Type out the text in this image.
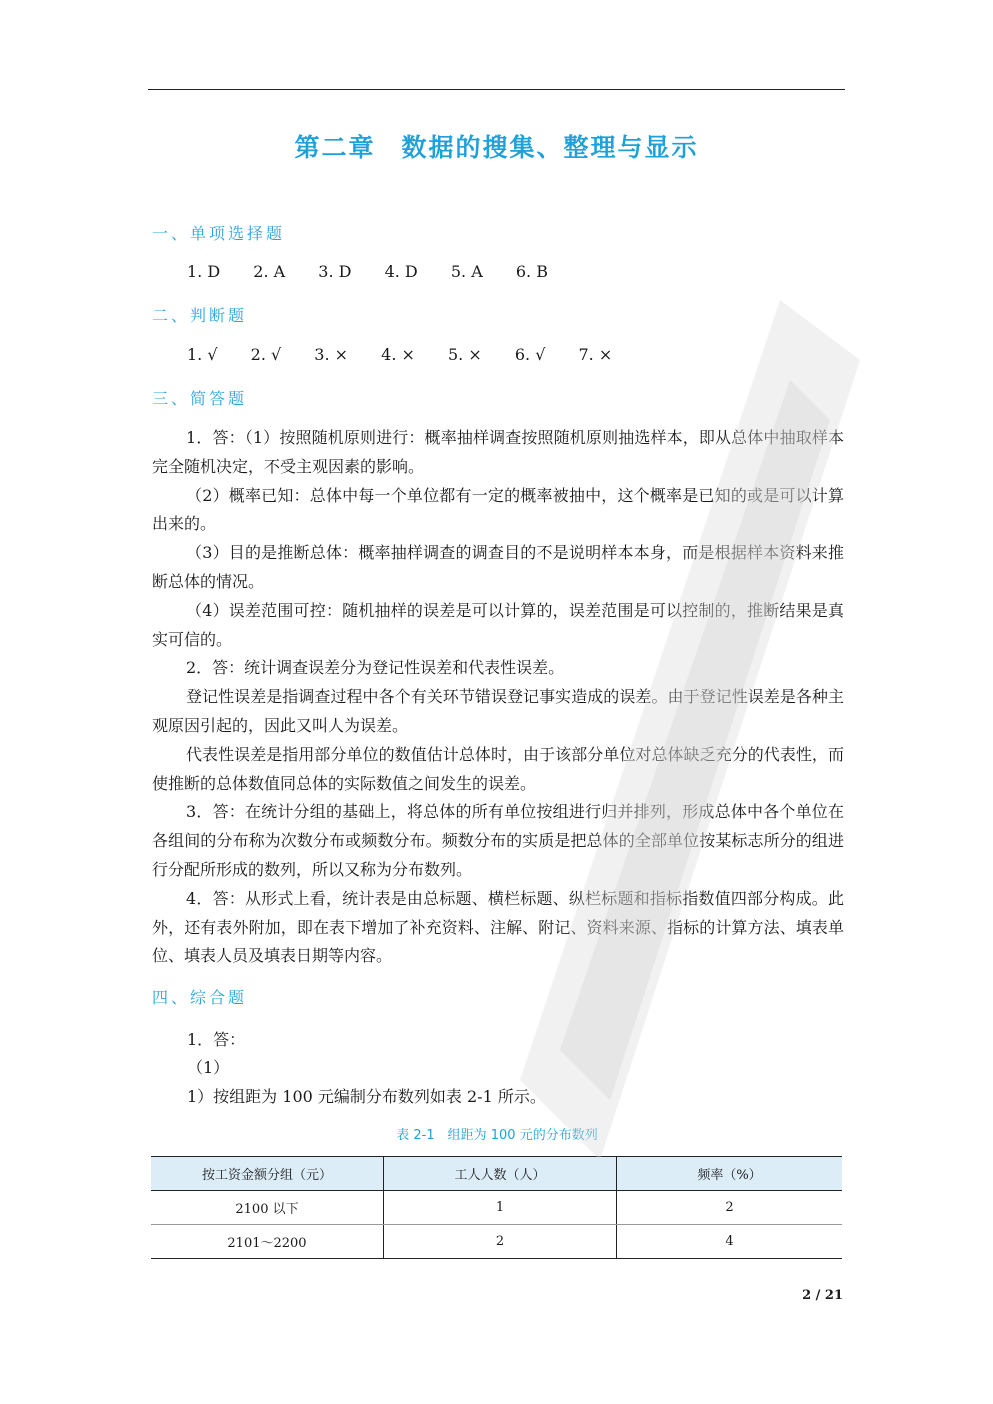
第二章 数据的搜集、整理与显示
一、单项选择题
1. D 2. A 3. D 4. D 5. A 6. B
二、判断题
1. √ 2. √ 3. × 4. × 5. × 6. √ 7. ×
三、简答题

1．答：（1）按照随机原则进行：概率抽样调查按照随机原则抽选样本，即从总体中抽取样本完全随机决定，不受主观因素的影响。

（2）概率已知：总体中每一个单位都有一定的概率被抽中，这个概率是已知的或是可以计算出来的。

（3）目的是推断总体：概率抽样调查的调查目的不是说明样本本身，而是根据样本资料来推断总体的情况。

（4）误差范围可控：随机抽样的误差是可以计算的，误差范围是可以控制的，推断结果是真实可信的。

2．答：统计调查误差分为登记性误差和代表性误差。

登记性误差是指调查过程中各个有关环节错误登记事实造成的误差。由于登记性误差是各种主观原因引起的，因此又叫人为误差。

代表性误差是指用部分单位的数值估计总体时，由于该部分单位对总体缺乏充分的代表性，而使推断的总体数值同总体的实际数值之间发生的误差。

3．答：在统计分组的基础上，将总体的所有单位按组进行归并排列，形成总体中各个单位在各组间的分布称为次数分布或频数分布。频数分布的实质是把总体的全部单位按某标志所分的组进行分配所形成的数列，所以又称为分布数列。

4．答：从形式上看，统计表是由总标题、横栏标题、纵栏标题和指标指数值四部分构成。此外，还有表外附加，即在表下增加了补充资料、注解、附记、资料来源、指标的计算方法、填表单位、填表人员及填表日期等内容。

四、综合题
1．答：
（1）
1）按组距为 100 元编制分布数列如表 2-1 所示。
表 2-1　组距为 100 元的分布数列
按工资金额分组（元）	工人人数（人）	频率（%）
2100 以下	1	2
2101～2200	2	4
2 / 21
